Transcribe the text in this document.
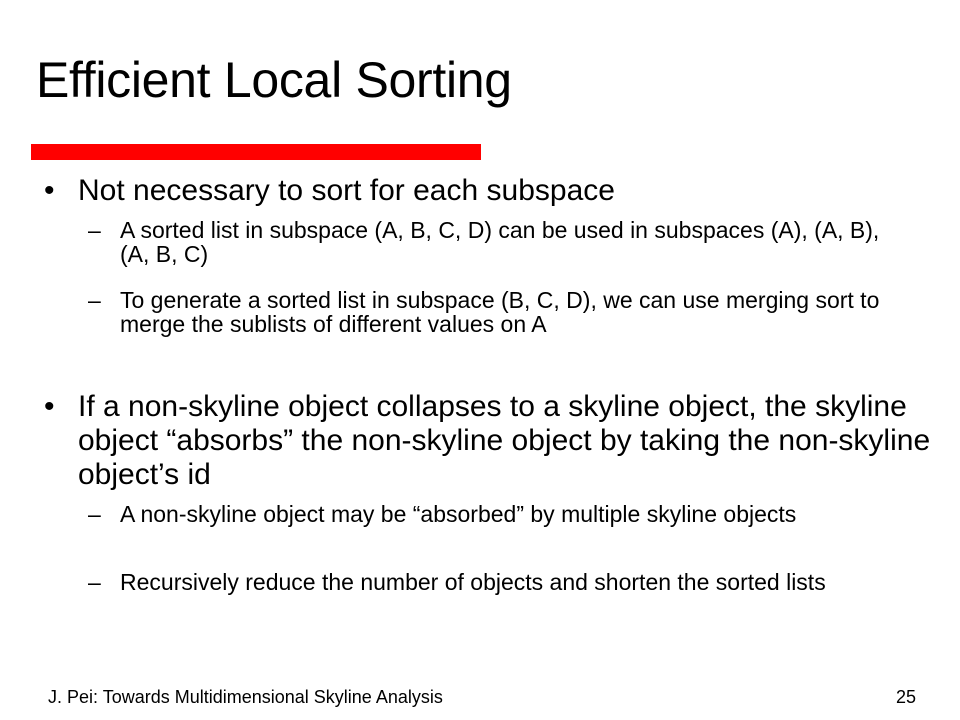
Efficient Local Sorting
• Not necessary to sort for each subspace
– A sorted list in subspace (A, B, C, D) can be used in subspaces (A), (A, B), (A, B, C)
– To generate a sorted list in subspace (B, C, D), we can use merging sort to merge the sublists of different values on A
• If a non-skyline object collapses to a skyline object, the skyline object “absorbs” the non-skyline object by taking the non-skyline object’s id
– A non-skyline object may be “absorbed” by multiple skyline objects
– Recursively reduce the number of objects and shorten the sorted lists
J. Pei: Towards Multidimensional Skyline Analysis	25
